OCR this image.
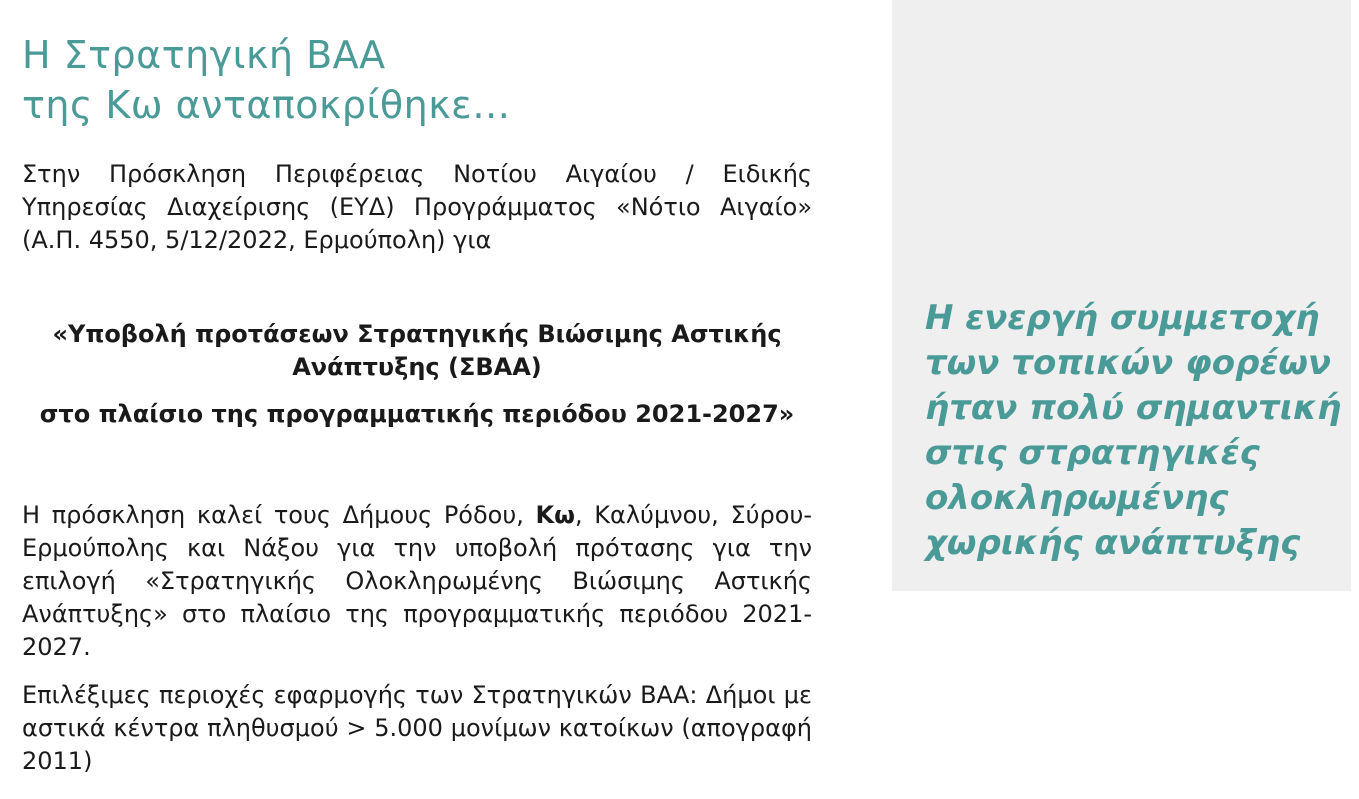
Η Στρατηγική ΒΑΑ
της Κω ανταποκρίθηκε…

Στην Πρόσκληση Περιφέρειας Νοτίου Αιγαίου / Ειδικής Υπηρεσίας Διαχείρισης (ΕΥΔ) Προγράμματος «Νότιο Αιγαίο» (Α.Π. 4550, 5/12/2022, Ερμούπολη) για

«Υποβολή προτάσεων Στρατηγικής Βιώσιμης Αστικής Ανάπτυξης (ΣΒΑΑ)

στο πλαίσιο της προγραμματικής περιόδου 2021-2027»

Η πρόσκληση καλεί τους Δήμους Ρόδου, Κω, Καλύμνου, Σύρου-Ερμούπολης και Νάξου για την υποβολή πρότασης για την επιλογή «Στρατηγικής Ολοκληρωμένης Βιώσιμης Αστικής Ανάπτυξης» στο πλαίσιο της προγραμματικής περιόδου 2021-2027.

Επιλέξιμες περιοχές εφαρμογής των Στρατηγικών ΒΑΑ: Δήμοι με αστικά κέντρα πληθυσμού > 5.000 μονίμων κατοίκων (απογραφή 2011)

Η ενεργή συμμετοχή
των τοπικών φορέων
ήταν πολύ σημαντική
στις στρατηγικές
ολοκληρωμένης
χωρικής ανάπτυξης
